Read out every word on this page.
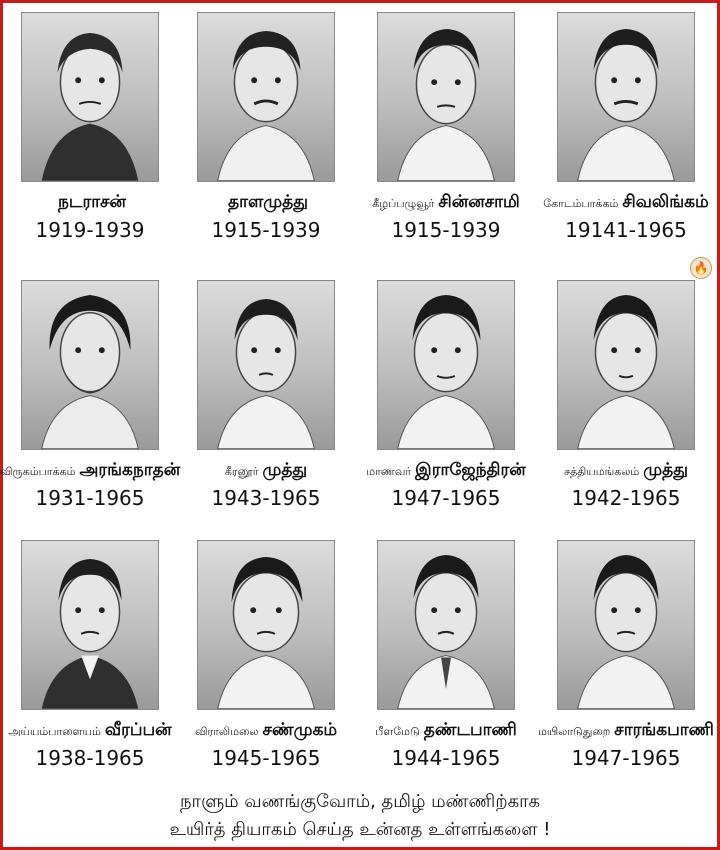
நடராசன்
1919-1939
தாளமுத்து
1915-1939
கீழப்பழுவூர் சின்னசாமி
1915-1939
கோடம்பாக்கம் சிவலிங்கம்
19141-1965
விருகம்பாக்கம் அரங்கநாதன்
1931-1965
கீரனூர் முத்து
1943-1965
மாணவர் இராஜேந்திரன்
1947-1965
சத்தியமங்கலம் முத்து
1942-1965
அய்யம்பாளையம் வீரப்பன்
1938-1965
விராலிமலை சண்முகம்
1945-1965
பீளமேடு தண்டபாணி
1944-1965
மயிலாடுதுறை சாரங்கபாணி
1947-1965
🔥
நாளும் வணங்குவோம், தமிழ் மண்ணிற்காக
உயிர்த் தியாகம் செய்த உன்னத உள்ளங்களை !
